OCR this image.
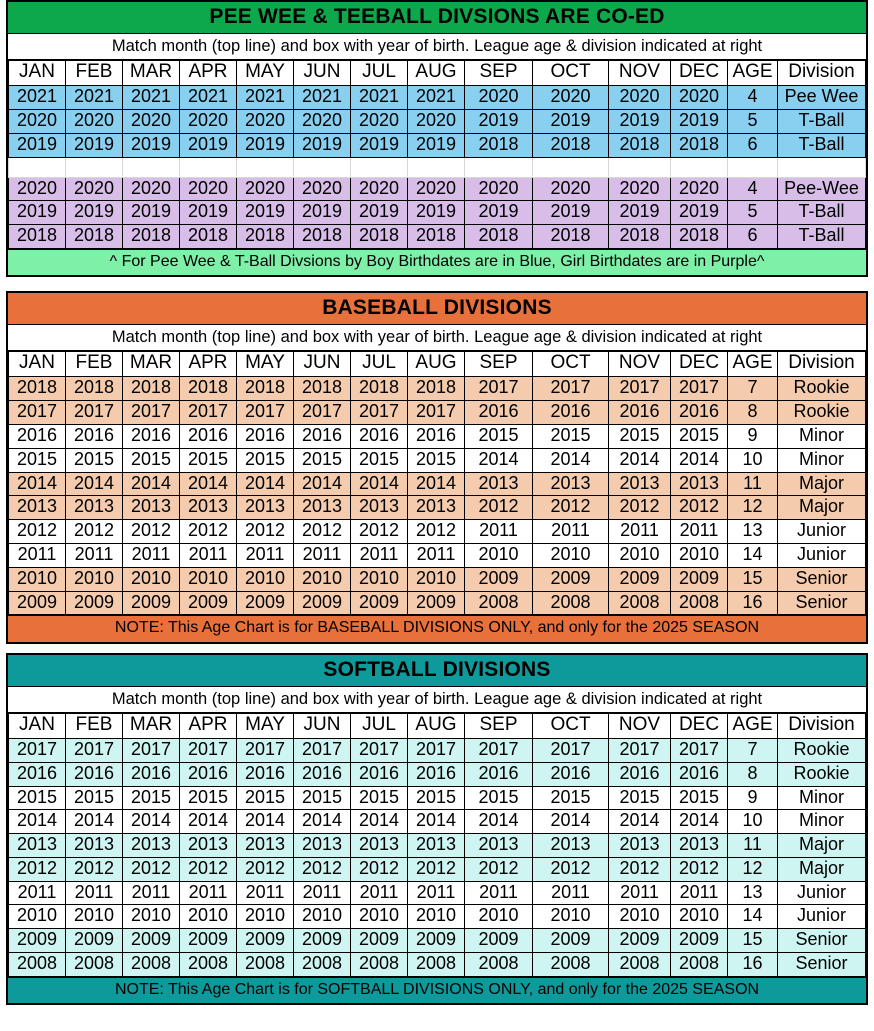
PEE WEE & TEEBALL DIVSIONS ARE CO-ED
Match month (top line) and box with year of birth. League age & division indicated at right
JAN	FEB	MAR	APR	MAY	JUN	JUL	AUG	SEP	OCT	NOV	DEC	AGE	Division
2021	2021	2021	2021	2021	2021	2021	2021	2020	2020	2020	2020	4	Pee Wee
2020	2020	2020	2020	2020	2020	2020	2020	2019	2019	2019	2019	5	T-Ball
2019	2019	2019	2019	2019	2019	2019	2019	2018	2018	2018	2018	6	T-Ball

2020	2020	2020	2020	2020	2020	2020	2020	2020	2020	2020	2020	4	Pee-Wee
2019	2019	2019	2019	2019	2019	2019	2019	2019	2019	2019	2019	5	T-Ball
2018	2018	2018	2018	2018	2018	2018	2018	2018	2018	2018	2018	6	T-Ball
^ For Pee Wee & T-Ball Divsions by Boy Birthdates are in Blue, Girl Birthdates are in Purple^
BASEBALL DIVISIONS
Match month (top line) and box with year of birth. League age & division indicated at right
JAN	FEB	MAR	APR	MAY	JUN	JUL	AUG	SEP	OCT	NOV	DEC	AGE	Division
2018	2018	2018	2018	2018	2018	2018	2018	2017	2017	2017	2017	7	Rookie
2017	2017	2017	2017	2017	2017	2017	2017	2016	2016	2016	2016	8	Rookie
2016	2016	2016	2016	2016	2016	2016	2016	2015	2015	2015	2015	9	Minor
2015	2015	2015	2015	2015	2015	2015	2015	2014	2014	2014	2014	10	Minor
2014	2014	2014	2014	2014	2014	2014	2014	2013	2013	2013	2013	11	Major
2013	2013	2013	2013	2013	2013	2013	2013	2012	2012	2012	2012	12	Major
2012	2012	2012	2012	2012	2012	2012	2012	2011	2011	2011	2011	13	Junior
2011	2011	2011	2011	2011	2011	2011	2011	2010	2010	2010	2010	14	Junior
2010	2010	2010	2010	2010	2010	2010	2010	2009	2009	2009	2009	15	Senior
2009	2009	2009	2009	2009	2009	2009	2009	2008	2008	2008	2008	16	Senior
NOTE: This Age Chart is for BASEBALL DIVISIONS ONLY, and only for the 2025 SEASON
SOFTBALL DIVISIONS
Match month (top line) and box with year of birth. League age & division indicated at right
JAN	FEB	MAR	APR	MAY	JUN	JUL	AUG	SEP	OCT	NOV	DEC	AGE	Division
2017	2017	2017	2017	2017	2017	2017	2017	2017	2017	2017	2017	7	Rookie
2016	2016	2016	2016	2016	2016	2016	2016	2016	2016	2016	2016	8	Rookie
2015	2015	2015	2015	2015	2015	2015	2015	2015	2015	2015	2015	9	Minor
2014	2014	2014	2014	2014	2014	2014	2014	2014	2014	2014	2014	10	Minor
2013	2013	2013	2013	2013	2013	2013	2013	2013	2013	2013	2013	11	Major
2012	2012	2012	2012	2012	2012	2012	2012	2012	2012	2012	2012	12	Major
2011	2011	2011	2011	2011	2011	2011	2011	2011	2011	2011	2011	13	Junior
2010	2010	2010	2010	2010	2010	2010	2010	2010	2010	2010	2010	14	Junior
2009	2009	2009	2009	2009	2009	2009	2009	2009	2009	2009	2009	15	Senior
2008	2008	2008	2008	2008	2008	2008	2008	2008	2008	2008	2008	16	Senior
NOTE: This Age Chart is for SOFTBALL DIVISIONS ONLY, and only for the 2025 SEASON
